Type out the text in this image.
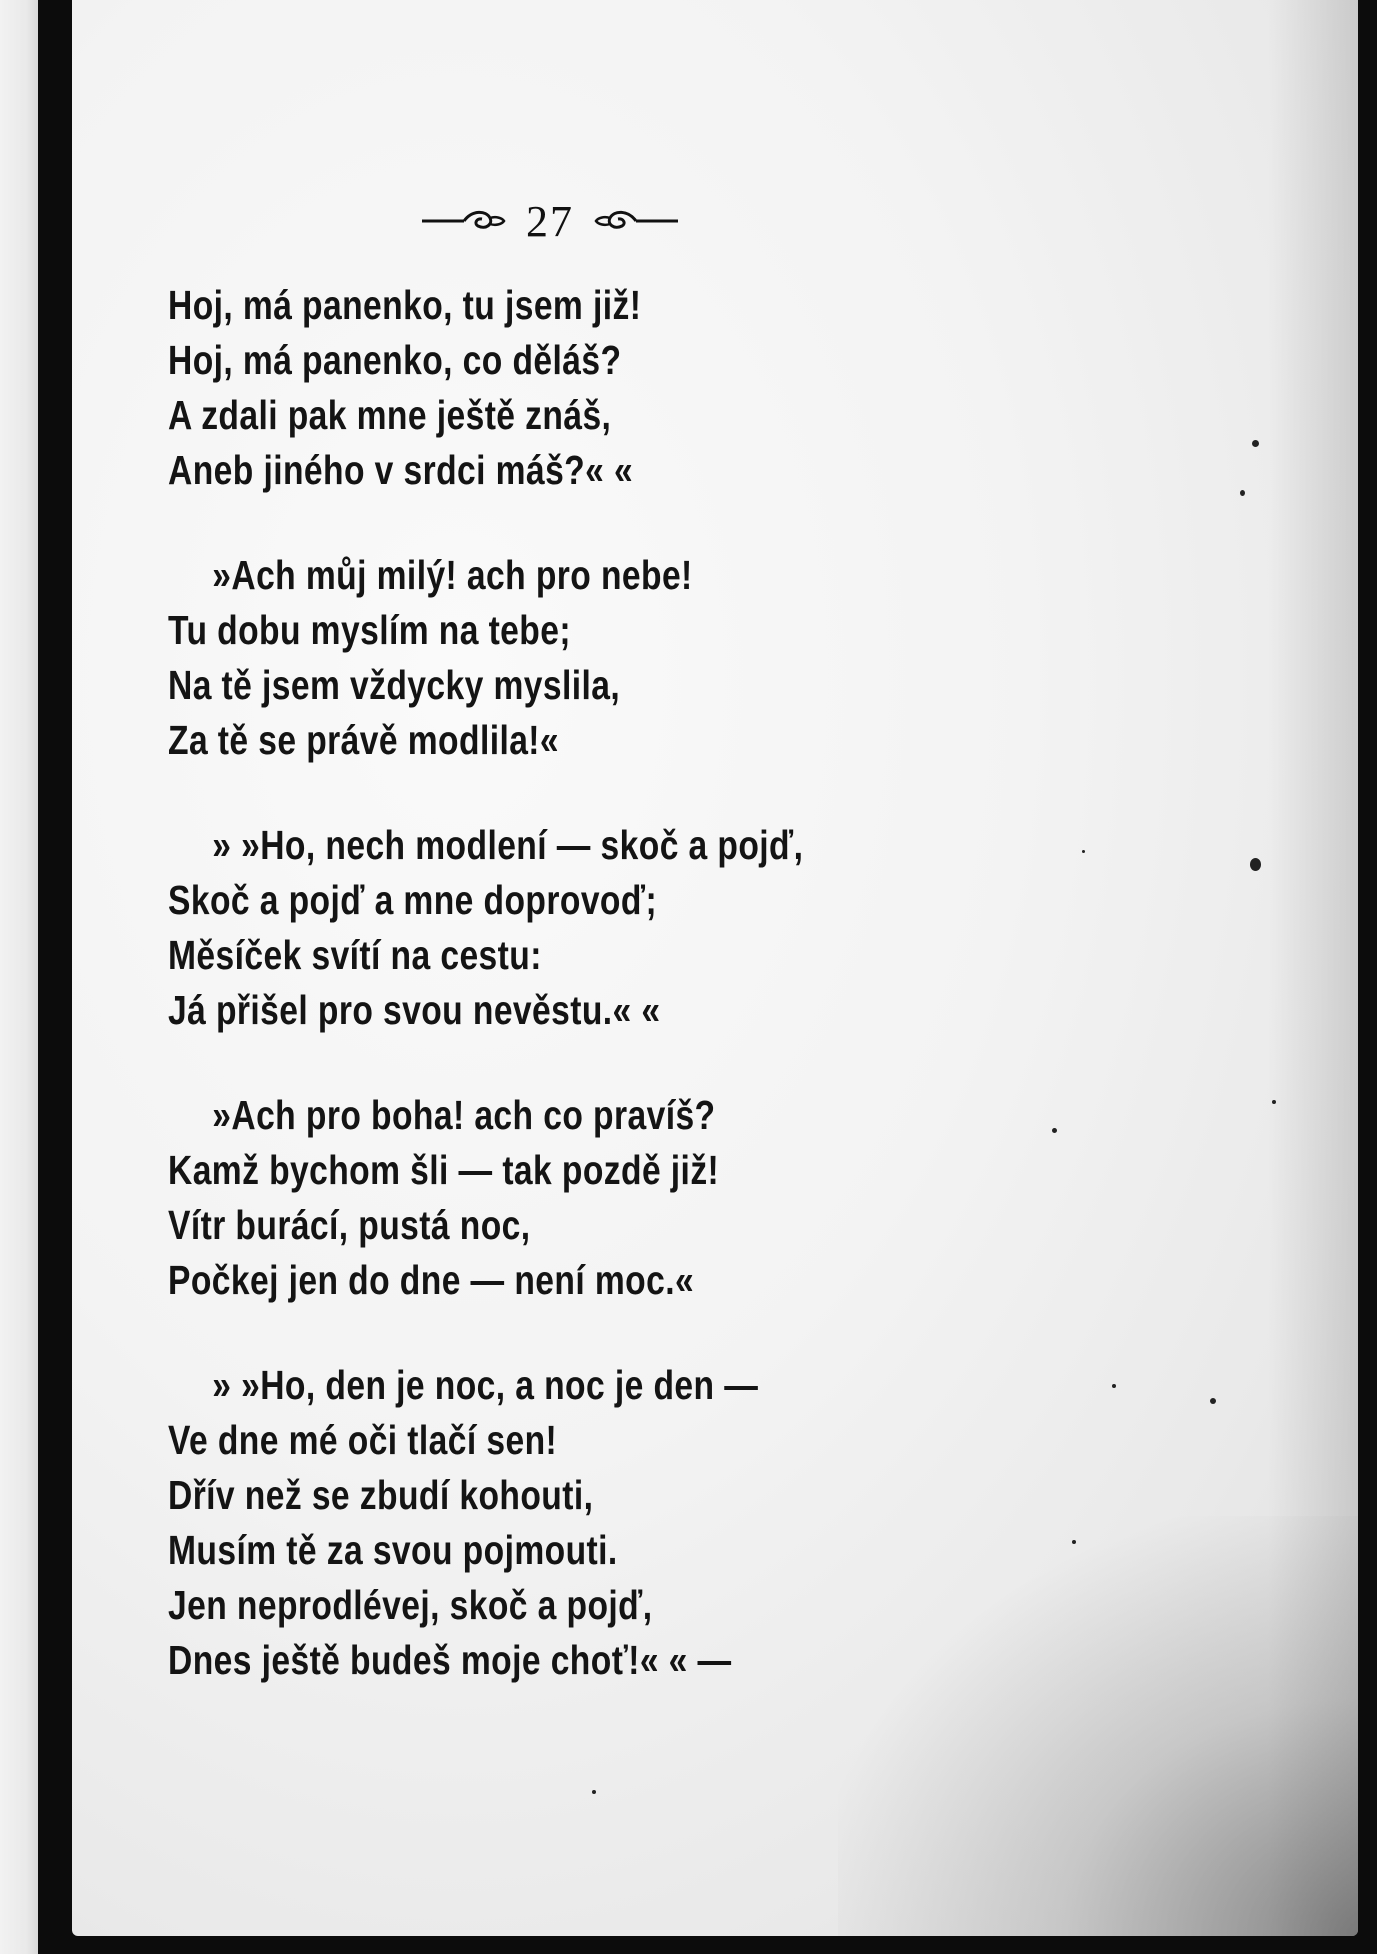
27
Hoj, má panenko, tu jsem již!
Hoj, má panenko, co děláš?
A zdali pak mne ještě znáš,
Aneb jiného v srdci máš?« «
»Ach můj milý! ach pro nebe!
Tu dobu myslím na tebe;
Na tě jsem vždycky myslila,
Za tě se právě modlila!«
» »Ho, nech modlení — skoč a pojď,
Skoč a pojď a mne doprovoď;
Měsíček svítí na cestu:
Já přišel pro svou nevěstu.« «
»Ach pro boha! ach co pravíš?
Kamž bychom šli — tak pozdě již!
Vítr burácí, pustá noc,
Počkej jen do dne — není moc.«
» »Ho, den je noc, a noc je den —
Ve dne mé oči tlačí sen!
Dřív než se zbudí kohouti,
Musím tě za svou pojmouti.
Jen neprodlévej, skoč a pojď,
Dnes ještě budeš moje choť!« « —
